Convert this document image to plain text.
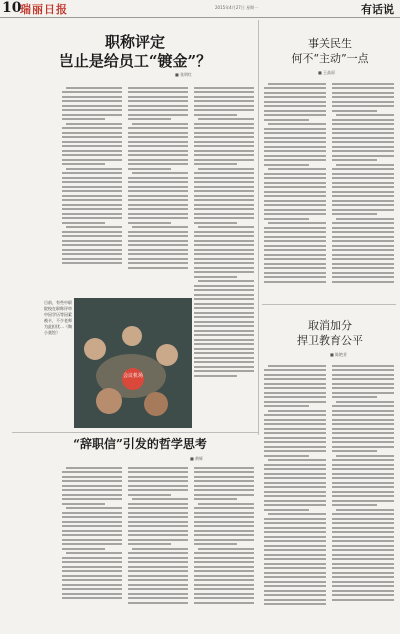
10
瑞丽日报	2015年4月27日 星期一	有话说
职称评定
岂止是给员工“镀金”？
■ 张明红
日前，有些中职院校在职称评审中因学历等因素被卡，不少老师为此担忧…（陶小莫绘）
会议机场
事关民生
何不“主动”一点
■ 王高原
取消加分
捍卫教育公平
■ 陈艳芳
“辞职信”引发的哲学思考
■ 黄辉
